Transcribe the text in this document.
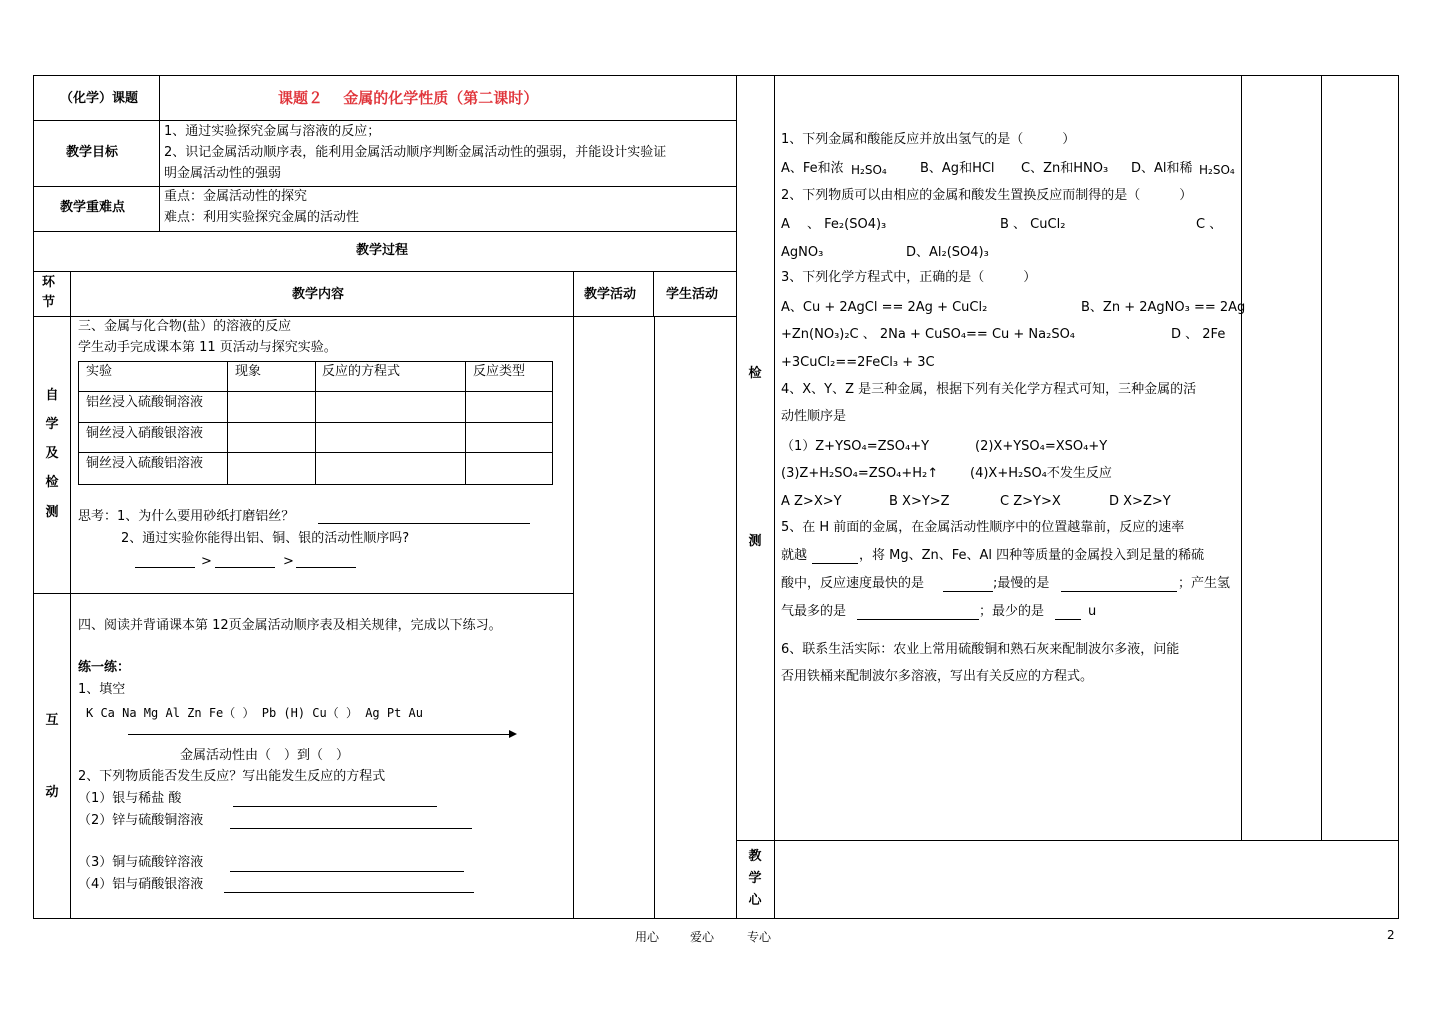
（化学）课题	课题２　 金属的化学性质（第二课时）
教学目标
1、通过实验探究金属与溶液的反应；
2、识记金属活动顺序表，能利用金属活动顺序判断金属活动性的强弱，并能设计实验证
明金属活动性的强弱
教学重难点
重点：金属活动性的探究
难点：利用实验探究金属的活动性
教学过程
环节
教学内容	教学活动 学生活动
自
学
及
检
测
三、金属与化合物(盐）的溶液的反应
学生动手完成课本第 11 页活动与探究实验。
实验	现象	反应的方程式	反应类型
铝丝浸入硫酸铜溶液
铜丝浸入硝酸银溶液
铜丝浸入硫酸铝溶液
思考：1、为什么要用砂纸打磨铝丝？
2、通过实验你能得出铝、铜、银的活动性顺序吗?
>	>
互
动
四、阅读并背诵课本第 12页金属活动顺序表及相关规律，完成以下练习。
练一练：
1、填空
K Ca Na Mg Al Zn Fe（ ） Pb (H) Cu（ ） Ag Pt Au
金属活动性由（　）到（　）
2、下列物质能否发生反应？写出能发生反应的方程式
（1）银与稀盐 酸
（2）锌与硫酸铜溶液
（3）铜与硫酸锌溶液
（4）铝与硝酸银溶液
检
测
1、下列金属和酸能反应并放出氢气的是（　　　）
A、Fe和浓 H₂SO₄	B、Ag和HCl C、Zn和HNO₃ D、Al和稀 H₂SO₄
2、下列物质可以由相应的金属和酸发生置换反应而制得的是（　　　）
A　 、 Fe₂(SO4)₃	B 、 CuCl₂	C 、
AgNO₃	D、Al₂(SO4)₃
3、下列化学方程式中，正确的是（　　　）
A、Cu + 2AgCl == 2Ag + CuCl₂	B、Zn + 2AgNO₃ == 2Ag
+Zn(NO₃)₂C 、 2Na + CuSO₄== Cu + Na₂SO₄	D 、 2Fe
+3CuCl₂==2FeCl₃ + 3C
4、X、Y、Z 是三种金属，根据下列有关化学方程式可知，三种金属的活
动性顺序是
（1）Z+YSO₄=ZSO₄+Y	(2)X+YSO₄=XSO₄+Y
(3)Z+H₂SO₄=ZSO₄+H₂↑ (4)X+H₂SO₄不发生反应
A Z>X>Y	B X>Y>Z	C Z>Y>X	D X>Z>Y
5、在 H 前面的金属，在金属活动性顺序中的位置越靠前，反应的速率
就越	，将 Mg、Zn、Fe、Al 四种等质量的金属投入到足量的稀硫
酸中，反应速度最快的是	;最慢的是	；产生氢
气最多的是	；最少的是	u
6、联系生活实际：农业上常用硫酸铜和熟石灰来配制波尔多液，问能
否用铁桶来配制波尔多溶液，写出有关反应的方程式。
教
学
心
用心	爱心	专心	2
